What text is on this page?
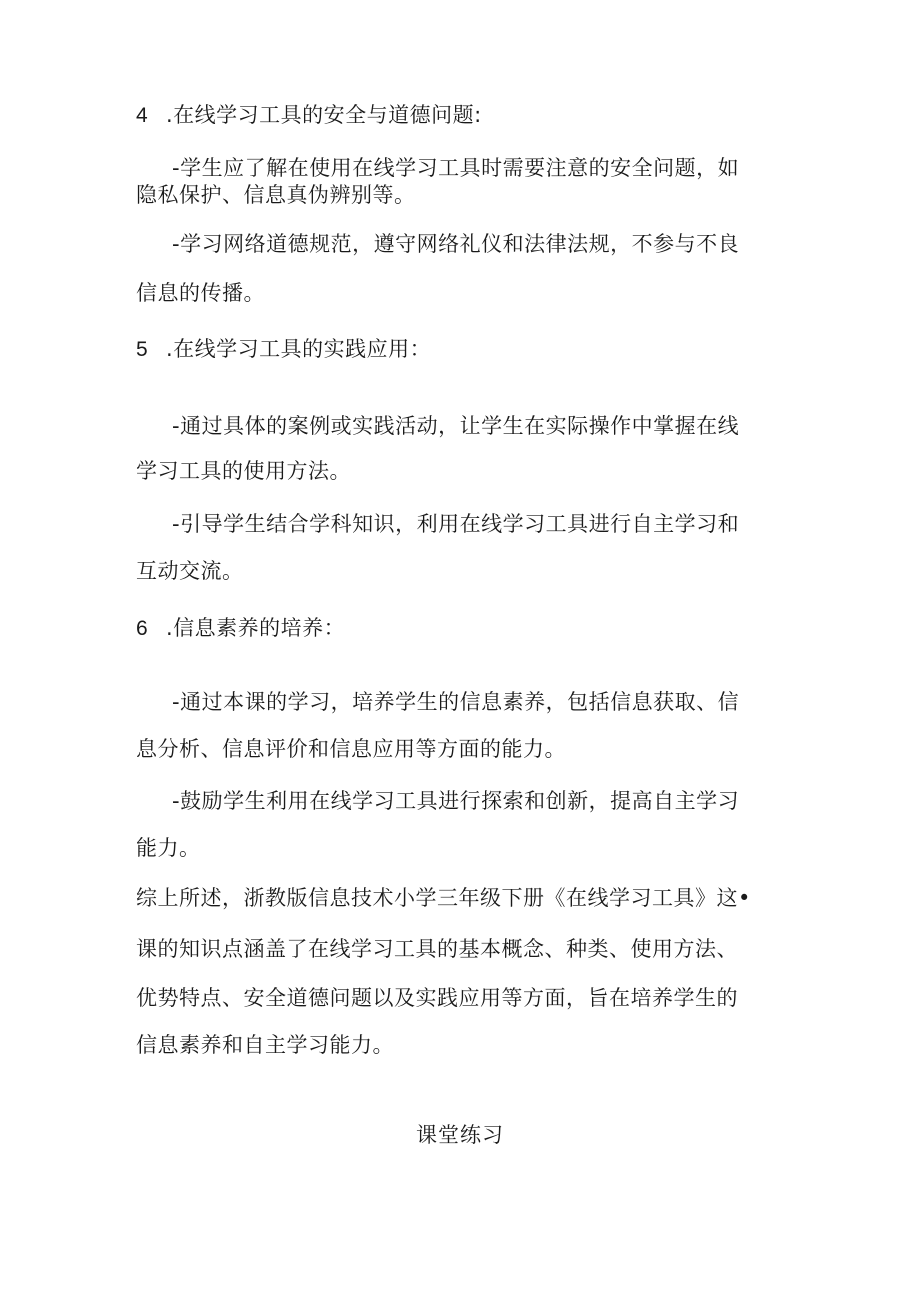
4 .在线学习工具的安全与道德问题:
-学生应了解在使用在线学习工具时需要注意的安全问题，如
隐私保护、信息真伪辨别等。
-学习网络道德规范，遵守网络礼仪和法律法规，不参与不良
信息的传播。
5 .在线学习工具的实践应用：
-通过具体的案例或实践活动，让学生在实际操作中掌握在线
学习工具的使用方法。
-引导学生结合学科知识，利用在线学习工具进行自主学习和
互动交流。
6 .信息素养的培养：
-通过本课的学习，培养学生的信息素养，包括信息获取、信
息分析、信息评价和信息应用等方面的能力。
-鼓励学生利用在线学习工具进行探索和创新，提高自主学习
能力。
综上所述，浙教版信息技术小学三年级下册《在线学习工具》这•
课的知识点涵盖了在线学习工具的基本概念、种类、使用方法、
优势特点、安全道德问题以及实践应用等方面，旨在培养学生的
信息素养和自主学习能力。
课堂练习
